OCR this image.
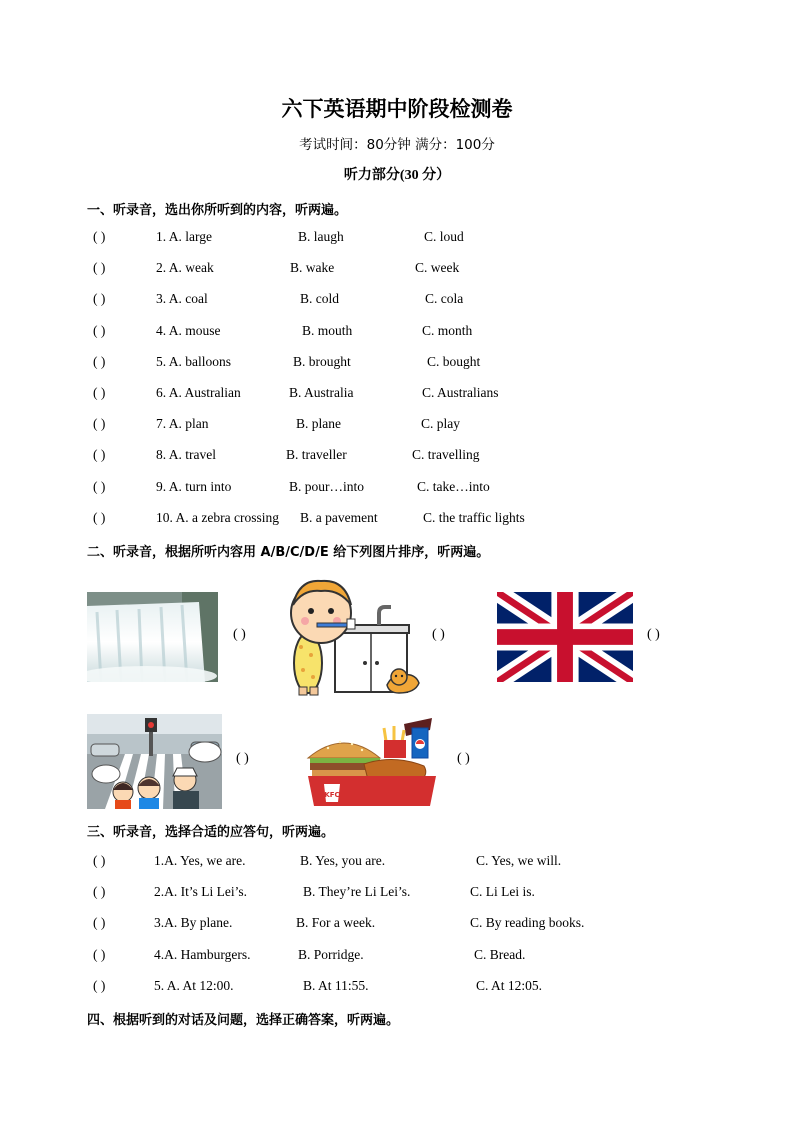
六下英语期中阶段检测卷
考试时间：80分钟 满分：100分
听力部分(30 分）
一、听录音，选出你所听到的内容，听两遍。
( )	1. A. large	B. laugh	C. loud
( )	2. A. weak	B. wake	C. week
( )	3. A. coal	B. cold	C. cola
( )	4. A. mouse	B. mouth	C. month
( )	5. A. balloons	B. brought	C. bought
( )	6. A. Australian	B. Australia	C. Australians
( )	7. A. plan	B. plane	C. play
( )	8. A. travel	B. traveller	C. travelling
( )	9. A. turn into	B. pour…into	C. take…into
( )	10. A. a zebra crossing B. a pavement	C. the traffic lights
二、听录音，根据所听内容用 A/B/C/D/E 给下列图片排序，听两遍。
( )	( )	( )
( )
KFC
( )
三、听录音，选择合适的应答句，听两遍。
( )	1.A. Yes, we are.	B. Yes, you are.	C. Yes, we will.
( )	2.A. It’s Li Lei’s.	B. They’re Li Lei’s.	C. Li Lei is.
( )	3.A. By plane.	B. For a week.	C. By reading books.
( )	4.A. Hamburgers.	B. Porridge.	C. Bread.
( )	5. A. At 12:00.	B. At 11:55.	C. At 12:05.
四、根据听到的对话及问题，选择正确答案，听两遍。
